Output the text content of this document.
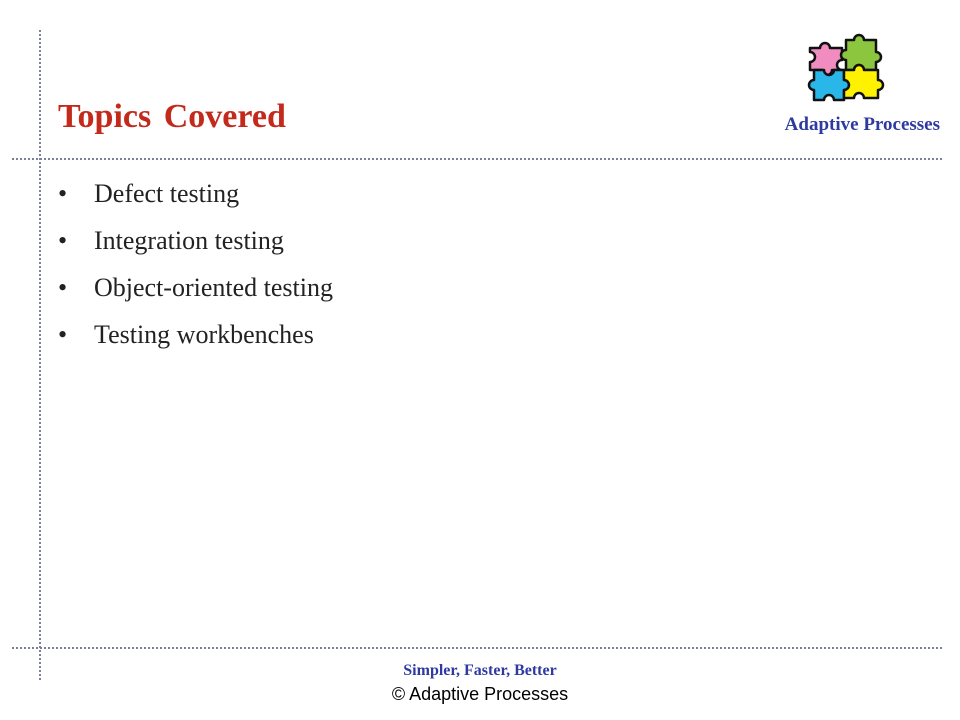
Topics Covered	Adaptive Processes
• Defect testing
• Integration testing
• Object-oriented testing
• Testing workbenches
Simpler, Faster, Better
© Adaptive Processes
